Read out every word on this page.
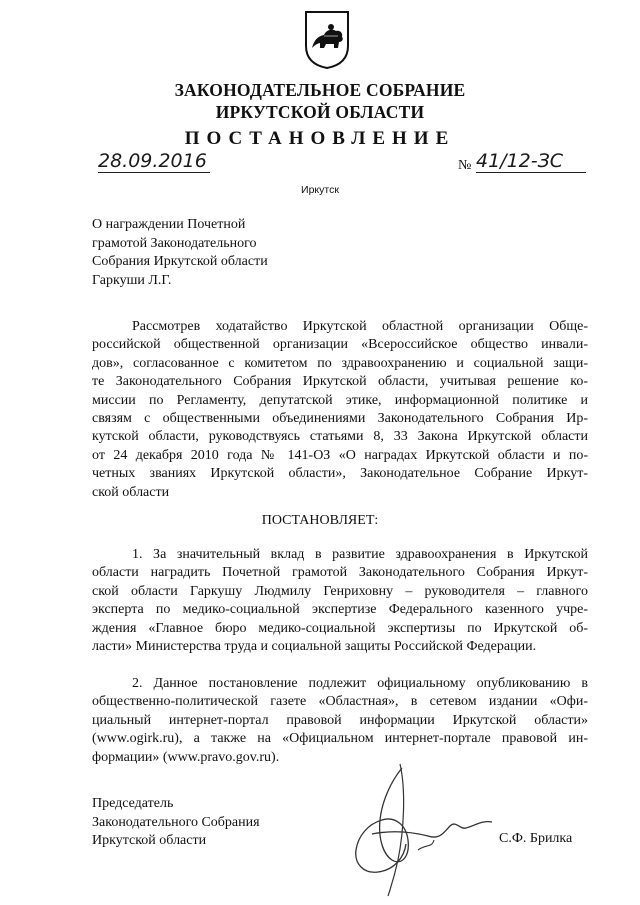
ЗАКОНОДАТЕЛЬНОЕ СОБРАНИЕ
ИРКУТСКОЙ ОБЛАСТИ
ПОСТАНОВЛЕНИЕ
28.09.2016	№ 41/12-ЗС
Иркутск
О награждении Почетной
грамотой Законодательного
Собрания Иркутской области
Гаркуши Л.Г.
Рассмотрев ходатайство Иркутской областной организации Обще-
российской общественной организации «Всероссийское общество инвали-
дов», согласованное с комитетом по здравоохранению и социальной защи-
те Законодательного Собрания Иркутской области, учитывая решение ко-
миссии по Регламенту, депутатской этике, информационной политике и
связям с общественными объединениями Законодательного Собрания Ир-
кутской области, руководствуясь статьями 8, 33 Закона Иркутской области
от 24 декабря 2010 года № 141-ОЗ «О наградах Иркутской области и по-
четных званиях Иркутской области», Законодательное Собрание Иркут-
ской области
ПОСТАНОВЛЯЕТ:
1. За значительный вклад в развитие здравоохранения в Иркутской
области наградить Почетной грамотой Законодательного Собрания Иркут-
ской области Гаркушу Людмилу Генриховну – руководителя – главного
эксперта по медико-социальной экспертизе Федерального казенного учре-
ждения «Главное бюро медико-социальной экспертизы по Иркутской об-
ласти» Министерства труда и социальной защиты Российской Федерации.
2. Данное постановление подлежит официальному опубликованию в
общественно-политической газете «Областная», в сетевом издании «Офи-
циальный интернет-портал правовой информации Иркутской области»
(www.ogirk.ru), а также на «Официальном интернет-портале правовой ин-
формации» (www.pravo.gov.ru).
Председатель
Законодательного Собрания
Иркутской области	С.Ф. Брилка
